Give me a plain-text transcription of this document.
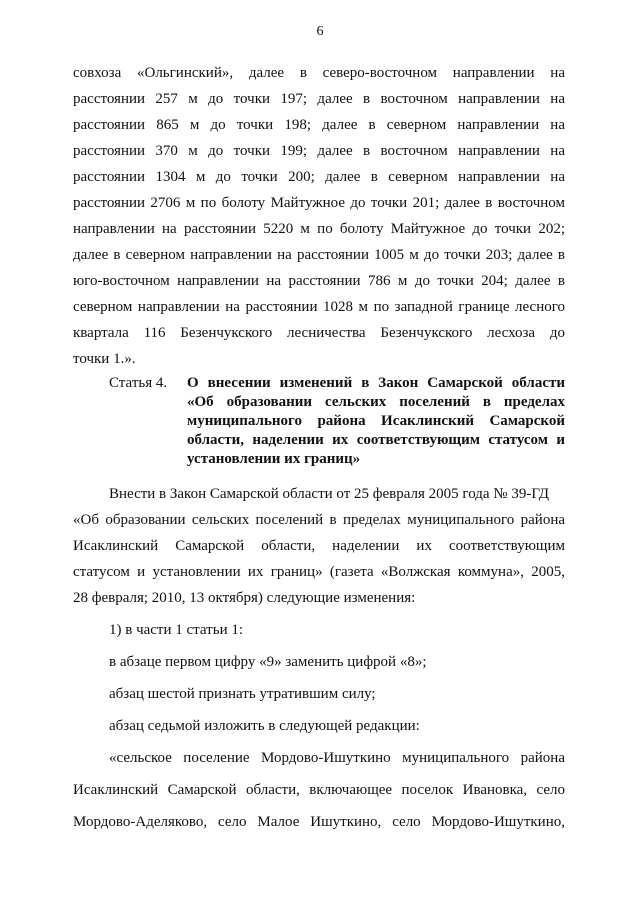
6
совхоза «Ольгинский», далее в северо-восточном направлении на
расстоянии 257 м до точки 197; далее в восточном направлении на
расстоянии 865 м до точки 198; далее в северном направлении на
расстоянии 370 м до точки 199; далее в восточном направлении на
расстоянии 1304 м до точки 200; далее в северном направлении на
расстоянии 2706 м по болоту Майтужное до точки 201; далее в восточном
направлении на расстоянии 5220 м по болоту Майтужное до точки 202;
далее в северном направлении на расстоянии 1005 м до точки 203; далее в
юго-восточном направлении на расстоянии 786 м до точки 204; далее в
северном направлении на расстоянии 1028 м по западной границе лесного
квартала 116 Безенчукского лесничества Безенчукского лесхоза до
точки 1.».
Статья 4.	О внесении изменений в Закон Самарской области
«Об образовании сельских поселений в пределах
муниципального района Исаклинский Самарской
области, наделении их соответствующим статусом и
установлении их границ»
Внести в Закон Самарской области от 25 февраля 2005 года № 39-ГД
«Об образовании сельских поселений в пределах муниципального района
Исаклинский Самарской области, наделении их соответствующим
статусом и установлении их границ» (газета «Волжская коммуна», 2005,
28 февраля; 2010, 13 октября) следующие изменения:
1) в части 1 статьи 1:
в абзаце первом цифру «9» заменить цифрой «8»;
абзац шестой признать утратившим силу;
абзац седьмой изложить в следующей редакции:
«сельское поселение Мордово-Ишуткино муниципального района
Исаклинский Самарской области, включающее поселок Ивановка, село
Мордово-Аделяково, село Малое Ишуткино, село Мордово-Ишуткино,
